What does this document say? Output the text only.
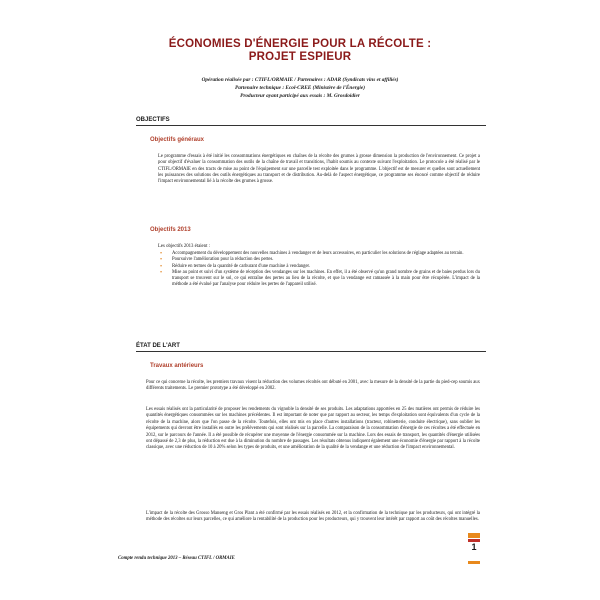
ÉCONOMIES D'ÉNERGIE POUR LA RÉCOLTE :
PROJET ESPIEUR
Opération réalisée par : CTIFL/ORMAIE / Partenaires : ADAR (Syndicats vins et affiliés)
Partenaire technique : Ecol-CREE (Ministère de l'Énergie)
Producteur ayant participé aux essais : M. Grosdoidier
OBJECTIFS
Objectifs généraux

Le programme d'essais à été initié les consommations énergétiques en chaînes de la récolte des grumes à grosse dimension la production de l'environnement. Ce projet a pour objectif d'évaluer la consommation des outils de la chaîne de travail et transitions, l'habit soumis au contexte suivant l'exploitation. Le protocole a été réalisé par le CTIFL/ORMAIE en des tracts de mise au point de l'équipement sur une parcelle test exploitée dans le programme. L'objectif est de mesurer et quelles sont actuellement les puissances des solutions des outils énergétiques au transport et de distribution. Au-delà de l'aspect énergétique, ce programme ses énoncé comme objectif de réduire l'impact environnemental lié à la récolte des grumes à grosse.

Objectifs 2013
Les objectifs 2013 étaient :
• Accompagnement du développement des nouvelles machines à vendanger et de leurs accessoires, en particulier les solutions de réglage adaptées au terrain.
• Poursuivre l'amélioration pour la réduction des pertes.
• Réduire en termes de la quantité de carburant d'une machine à vendanger.
• Mise au point et suivi d'un système de réception des vendanges sur les machines. En effet, il a été observé qu'un grand nombre de grains et de baies perdus lors du transport se trouvent sur le sol, ce qui entraîne des pertes au lieu de la récolte, et que la vendange est ramassée à la main pour être récupérée. L'impact de la méthode a été évalué par l'analyse pour réduire les pertes de l'appareil utilisé.
ÉTAT DE L'ART
Travaux antérieurs

Pour ce qui concerne la récolte, les premiers travaux visent la réduction des volumes récoltés ont débuté en 2001, avec la mesure de la densité de la partie du pied-cep soumis aux différents traitements. Le premier prototype a été développé en 2002.

Les essais réalisés ont la particularité de proposer les rendements du vignoble la densité de ses produits. Les adaptations apportées en 25 des matières ont permis de réduire les quantités énergétiques consommées sur les machines précédentes. Il est important de noter que par rapport au secteur, les temps d'exploitation sont équivalents d'un cycle de la récolte de la machine, alors que l'on passe de la récolte. Toutefois, elles ont mis en place d'autres installations (tracteur, robinetterie, conduite électrique), sans oublier les équipements qui devront être installés en outre les prélèvements qui sont réalisés sur la parcelle. La comparaison de la consommation d'énergie de ces récoltes a été effectuée en 2012, sur le parcours de l'année. Il a été possible de récupérer une moyenne de l'énergie consommée sur la machine. Lors des essais de transport, les quantités d'énergie utilisées ont dépassé de 2,3 de plus, la réduction est due à la diminution du nombre de passages. Les résultats obtenus indiquent également une économie d'énergie par rapport à la récolte classique, avec une réduction de 10 à 20% selon les types de produits, et une amélioration de la qualité de la vendange et une réduction de l'impact environnemental.

L'impact de la récolte des Grosso Manseng et Gros Plant a été confirmé par les essais réalisés en 2012, et la confirmation de la technique par les producteurs, qui ont intégré la méthode des récoltes sur leurs parcelles, ce qui améliore la rentabilité de la production pour les producteurs, qui y trouvent leur intérêt par rapport au coût des récoltes manuelles.

1
Compte rendu technique 2013 – Réseau CTIFL / ORMAIE
